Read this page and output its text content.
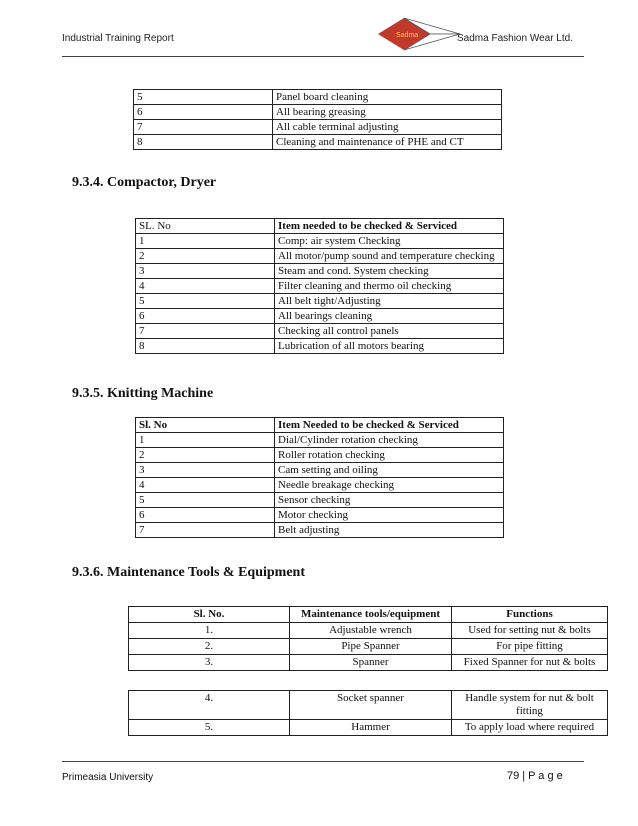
Industrial Training Report	Sadma	Sadma Fashion Wear Ltd.
5	Panel board cleaning
6	All bearing greasing
7	All cable terminal adjusting
8	Cleaning and maintenance of PHE and CT
9.3.4. Compactor, Dryer
SL. No	Item needed to be checked & Serviced
1	Comp: air system Checking
2	All motor/pump sound and temperature checking
3	Steam and cond. System checking
4	Filter cleaning and thermo oil checking
5	All belt tight/Adjusting
6	All bearings cleaning
7	Checking all control panels
8	Lubrication of all motors bearing
9.3.5. Knitting Machine
Sl. No	Item Needed to be checked & Serviced
1	Dial/Cylinder rotation checking
2	Roller rotation checking
3	Cam setting and oiling
4	Needle breakage checking
5	Sensor checking
6	Motor checking
7	Belt adjusting
9.3.6. Maintenance Tools & Equipment
Sl. No.	Maintenance tools/equipment	Functions
1.	Adjustable wrench	Used for setting nut & bolts
2.	Pipe Spanner	For pipe fitting
3.	Spanner	Fixed Spanner for nut & bolts
4.	Socket spanner	Handle system for nut & bolt fitting
5.	Hammer	To apply load where required
Primeasia University	79 | P a g e
